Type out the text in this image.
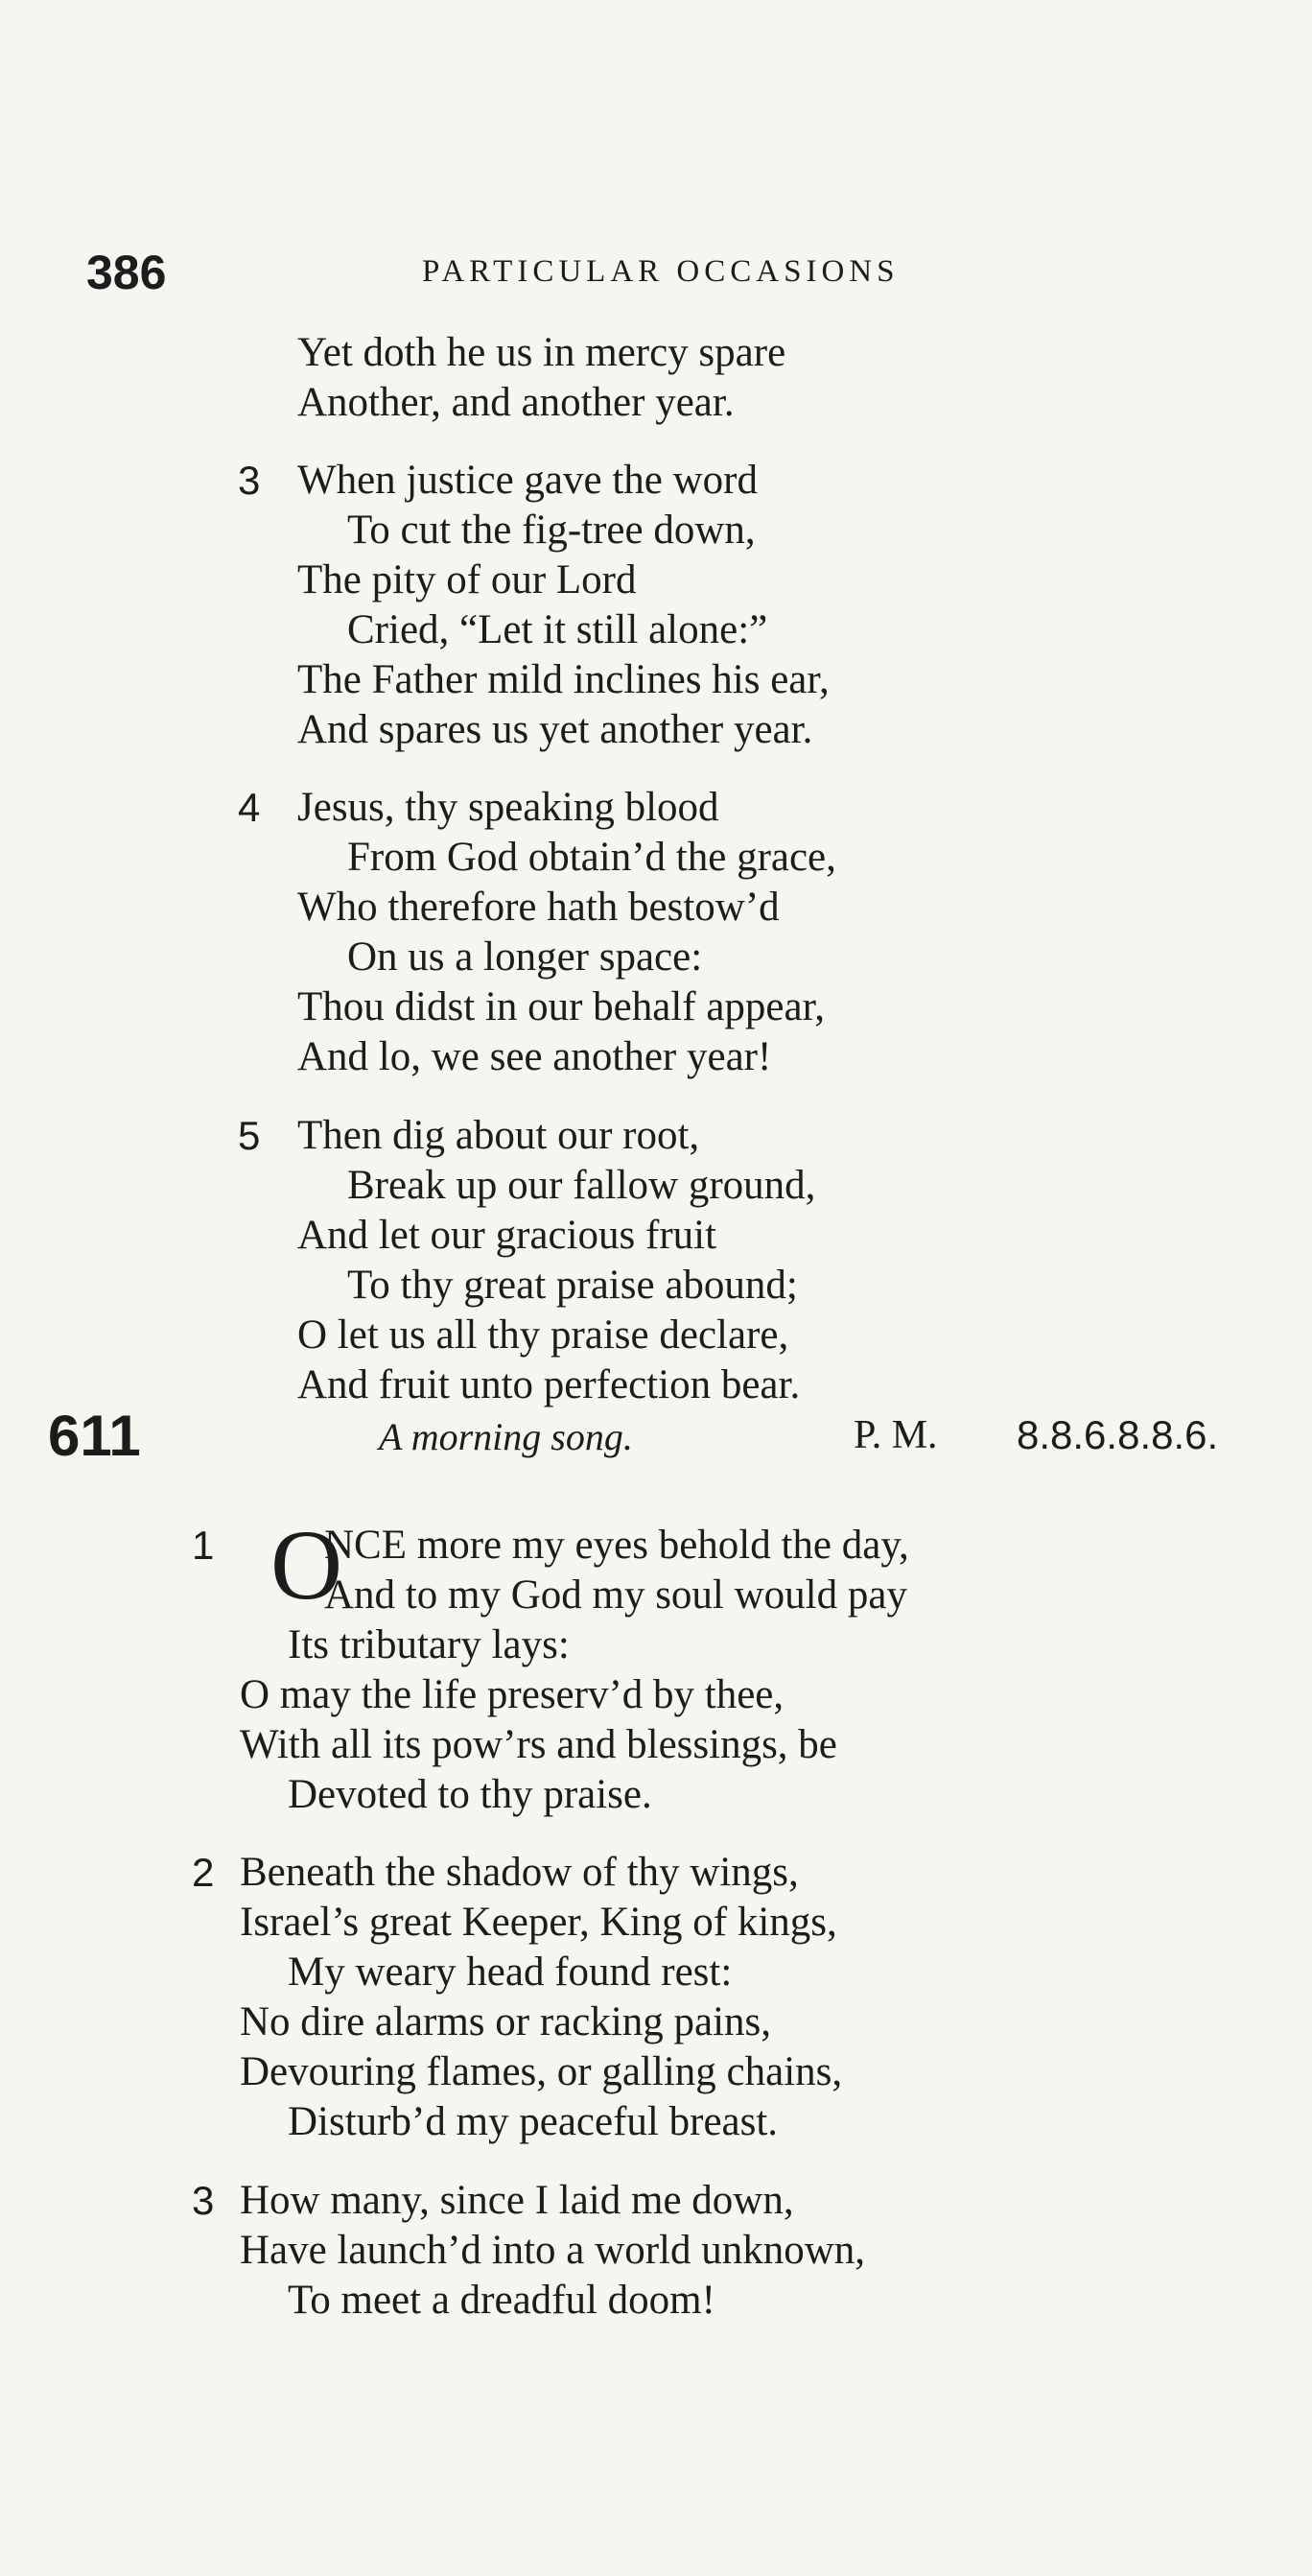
386	PARTICULAR OCCASIONS
Yet doth he us in mercy spare
Another, and another year.
3 When justice gave the word
To cut the fig-tree down,
The pity of our Lord
Cried, “Let it still alone:”
The Father mild inclines his ear,
And spares us yet another year.
4 Jesus, thy speaking blood
From God obtain’d the grace,
Who therefore hath bestow’d
On us a longer space:
Thou didst in our behalf appear,
And lo, we see another year!
5 Then dig about our root,
Break up our fallow ground,
And let our gracious fruit
To thy great praise abound;
O let us all thy praise declare,
And fruit unto perfection bear.
611	A morning song.	P. M. 8.8.6.8.8.6.
1 O
NCE more my eyes behold the day,
And to my God my soul would pay
Its tributary lays:
O may the life preserv’d by thee,
With all its pow’rs and blessings, be
Devoted to thy praise.
2 Beneath the shadow of thy wings,
Israel’s great Keeper, King of kings,
My weary head found rest:
No dire alarms or racking pains,
Devouring flames, or galling chains,
Disturb’d my peaceful breast.
3 How many, since I laid me down,
Have launch’d into a world unknown,
To meet a dreadful doom!
